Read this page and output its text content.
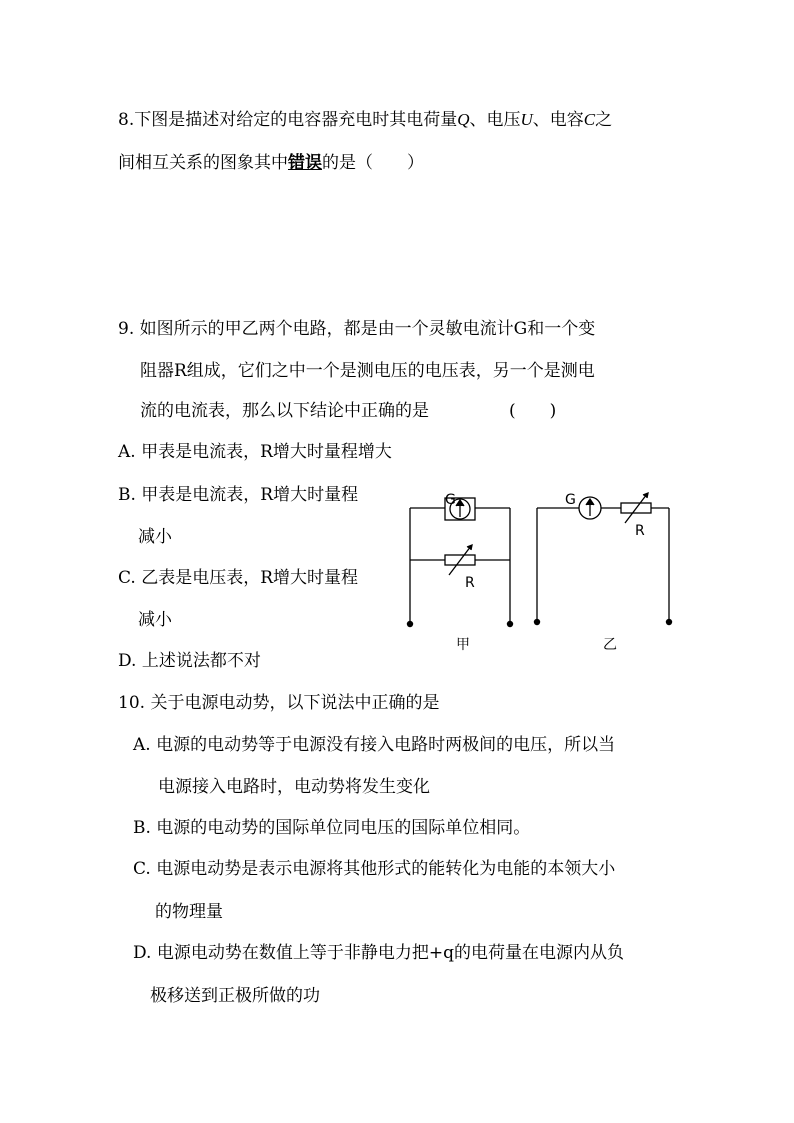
8.下图是描述对给定的电容器充电时其电荷量Q、电压U、电容C之
间相互关系的图象其中错误的是（　　）
9. 如图所示的甲乙两个电路，都是由一个灵敏电流计G和一个变
阻器R组成，它们之中一个是测电压的电压表，另一个是测电
流的电流表，那么以下结论中正确的是	(　　)
A. 甲表是电流表，R增大时量程增大
B. 甲表是电流表，R增大时量程
减小
C. 乙表是电压表，R增大时量程
减小
D. 上述说法都不对
G
R
甲
G
R
乙
10. 关于电源电动势，以下说法中正确的是
A. 电源的电动势等于电源没有接入电路时两极间的电压，所以当
电源接入电路时，电动势将发生变化
B. 电源的电动势的国际单位同电压的国际单位相同。
C. 电源电动势是表示电源将其他形式的能转化为电能的本领大小
的物理量
D. 电源电动势在数值上等于非静电力把+q的电荷量在电源内从负
极移送到正极所做的功
